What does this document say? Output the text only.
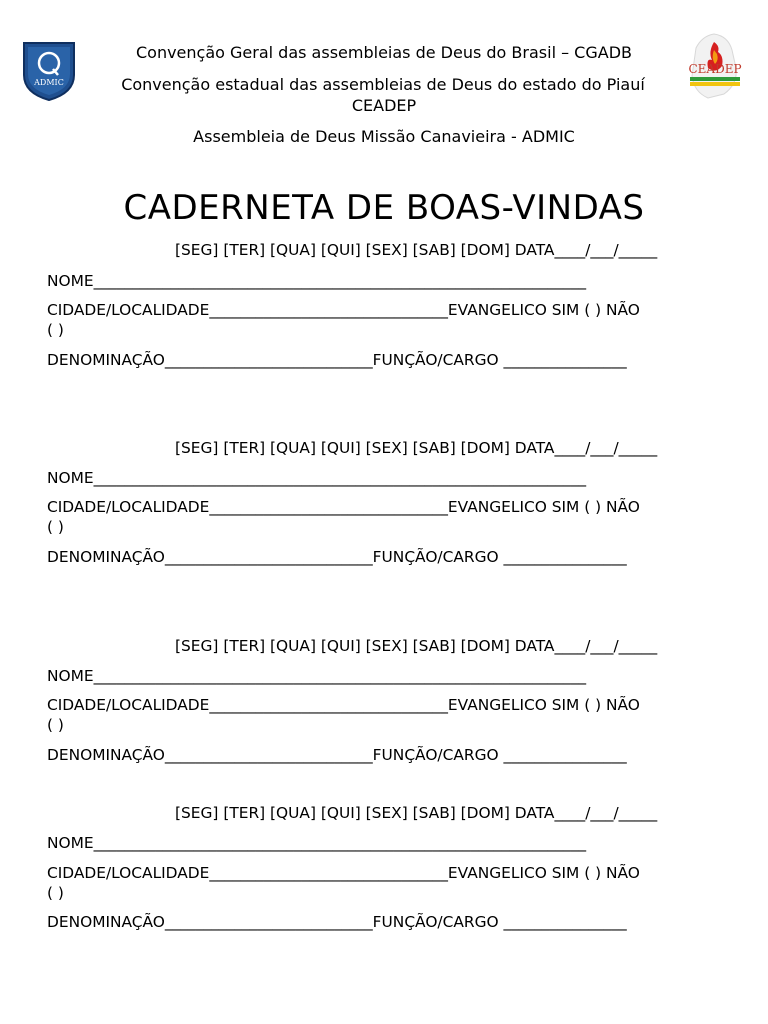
ADMIC
CEADEP
Convenção Geral das assembleias de Deus do Brasil – CGADB
Convenção estadual das assembleias de Deus do estado do Piauí
CEADEP
Assembleia de Deus Missão Canavieira - ADMIC
CADERNETA DE BOAS-VINDAS
[SEG] [TER] [QUA] [QUI] [SEX] [SAB] [DOM] DATA____/___/_____
NOME________________________________________________________________
CIDADE/LOCALIDADE_______________________________EVANGELICO SIM ( ) NÃO
( )
DENOMINAÇÃO___________________________FUNÇÃO/CARGO ________________
[SEG] [TER] [QUA] [QUI] [SEX] [SAB] [DOM] DATA____/___/_____
NOME________________________________________________________________
CIDADE/LOCALIDADE_______________________________EVANGELICO SIM ( ) NÃO
( )
DENOMINAÇÃO___________________________FUNÇÃO/CARGO ________________
[SEG] [TER] [QUA] [QUI] [SEX] [SAB] [DOM] DATA____/___/_____
NOME________________________________________________________________
CIDADE/LOCALIDADE_______________________________EVANGELICO SIM ( ) NÃO
( )
DENOMINAÇÃO___________________________FUNÇÃO/CARGO ________________
[SEG] [TER] [QUA] [QUI] [SEX] [SAB] [DOM] DATA____/___/_____
NOME________________________________________________________________
CIDADE/LOCALIDADE_______________________________EVANGELICO SIM ( ) NÃO
( )
DENOMINAÇÃO___________________________FUNÇÃO/CARGO ________________
